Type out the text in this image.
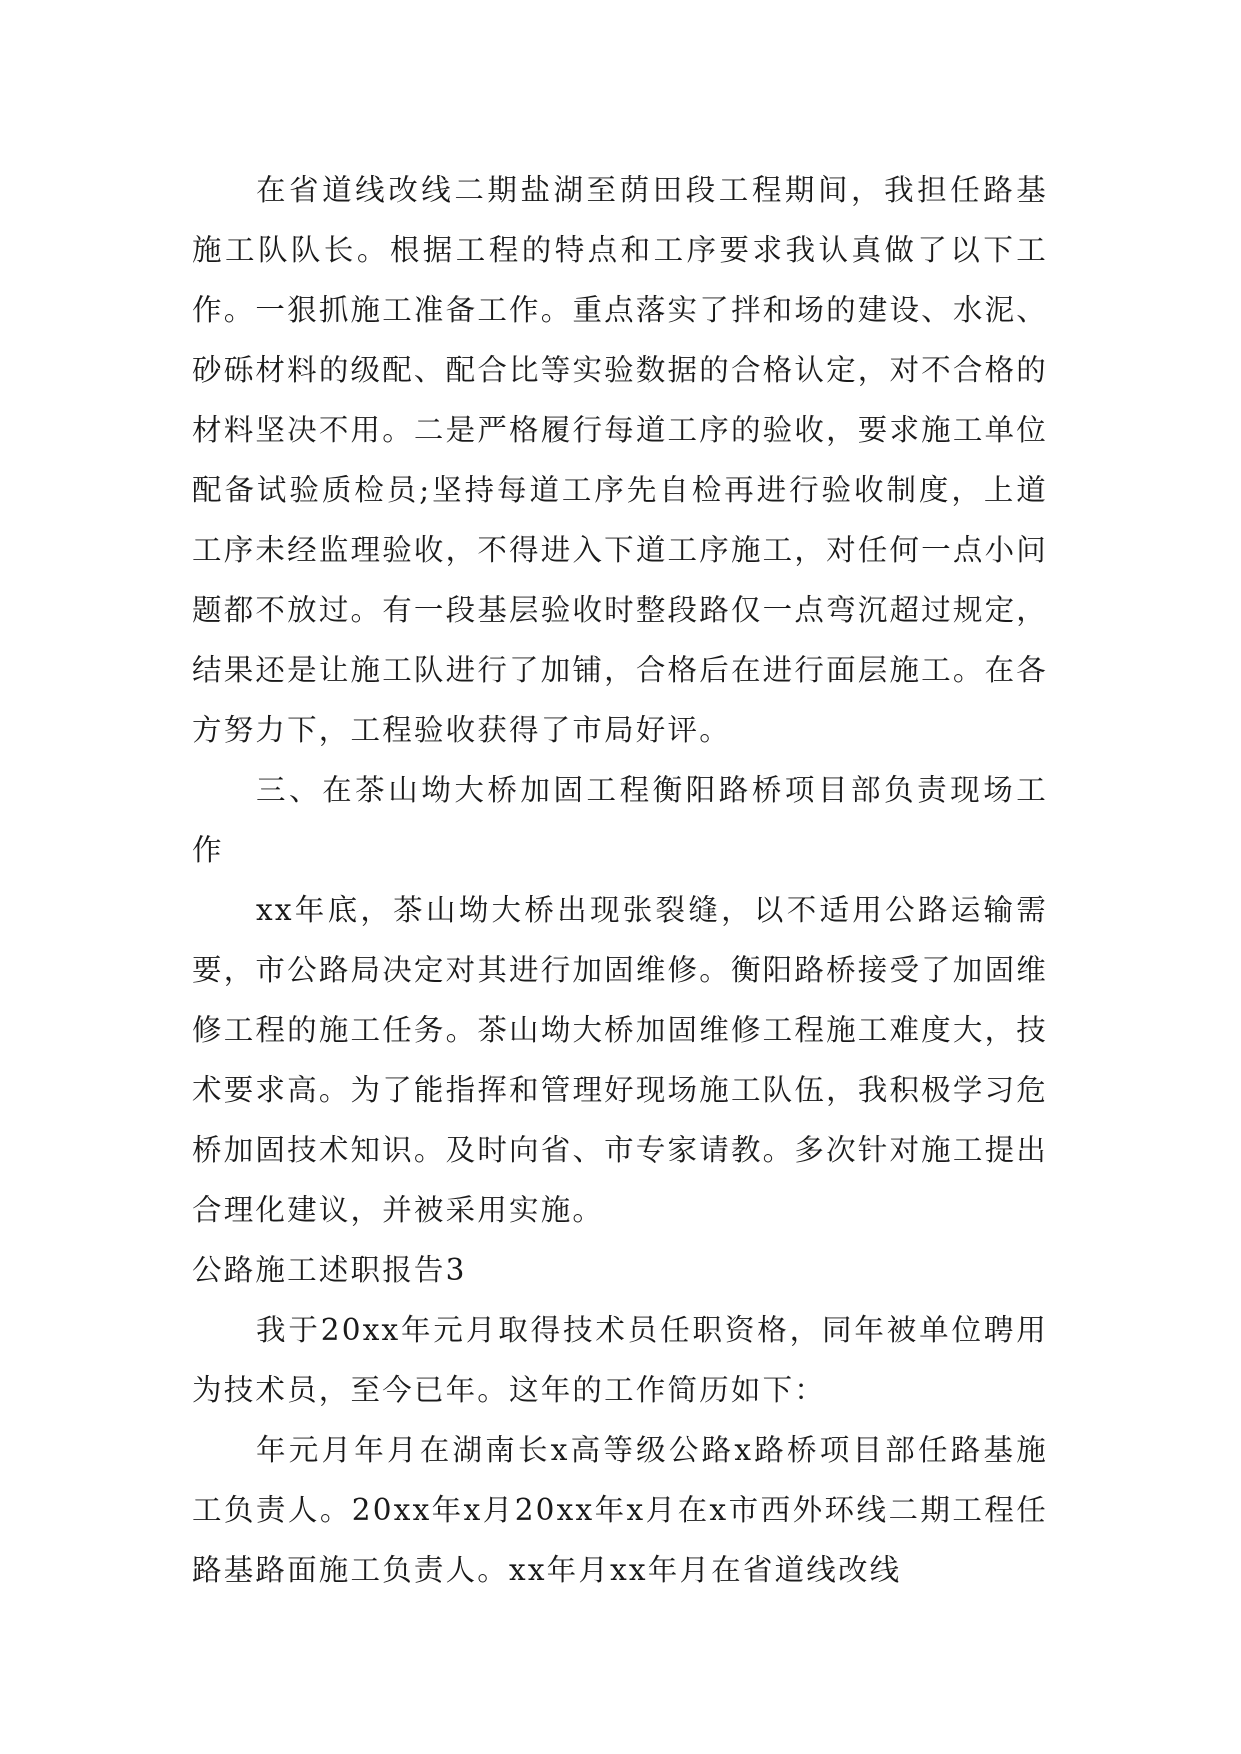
在省道线改线二期盐湖至荫田段工程期间，我担任路基施工队队长。根据工程的特点和工序要求我认真做了以下工作。一狠抓施工准备工作。重点落实了拌和场的建设、水泥、砂砾材料的级配、配合比等实验数据的合格认定，对不合格的材料坚决不用。二是严格履行每道工序的验收，要求施工单位配备试验质检员;坚持每道工序先自检再进行验收制度，上道工序未经监理验收，不得进入下道工序施工，对任何一点小问题都不放过。有一段基层验收时整段路仅一点弯沉超过规定，结果还是让施工队进行了加铺，合格后在进行面层施工。在各方努力下，工程验收获得了市局好评。

三、在茶山坳大桥加固工程衡阳路桥项目部负责现场工作

xx年底，茶山坳大桥出现张裂缝，以不适用公路运输需要，市公路局决定对其进行加固维修。衡阳路桥接受了加固维修工程的施工任务。茶山坳大桥加固维修工程施工难度大，技术要求高。为了能指挥和管理好现场施工队伍，我积极学习危桥加固技术知识。及时向省、市专家请教。多次针对施工提出合理化建议，并被采用实施。

公路施工述职报告3

我于20xx年元月取得技术员任职资格，同年被单位聘用为技术员，至今已年。这年的工作简历如下：

年元月年月在湖南长x高等级公路x路桥项目部任路基施工负责人。20xx年x月20xx年x月在x市西外环线二期工程任路基路面施工负责人。xx年月xx年月在省道线改线
